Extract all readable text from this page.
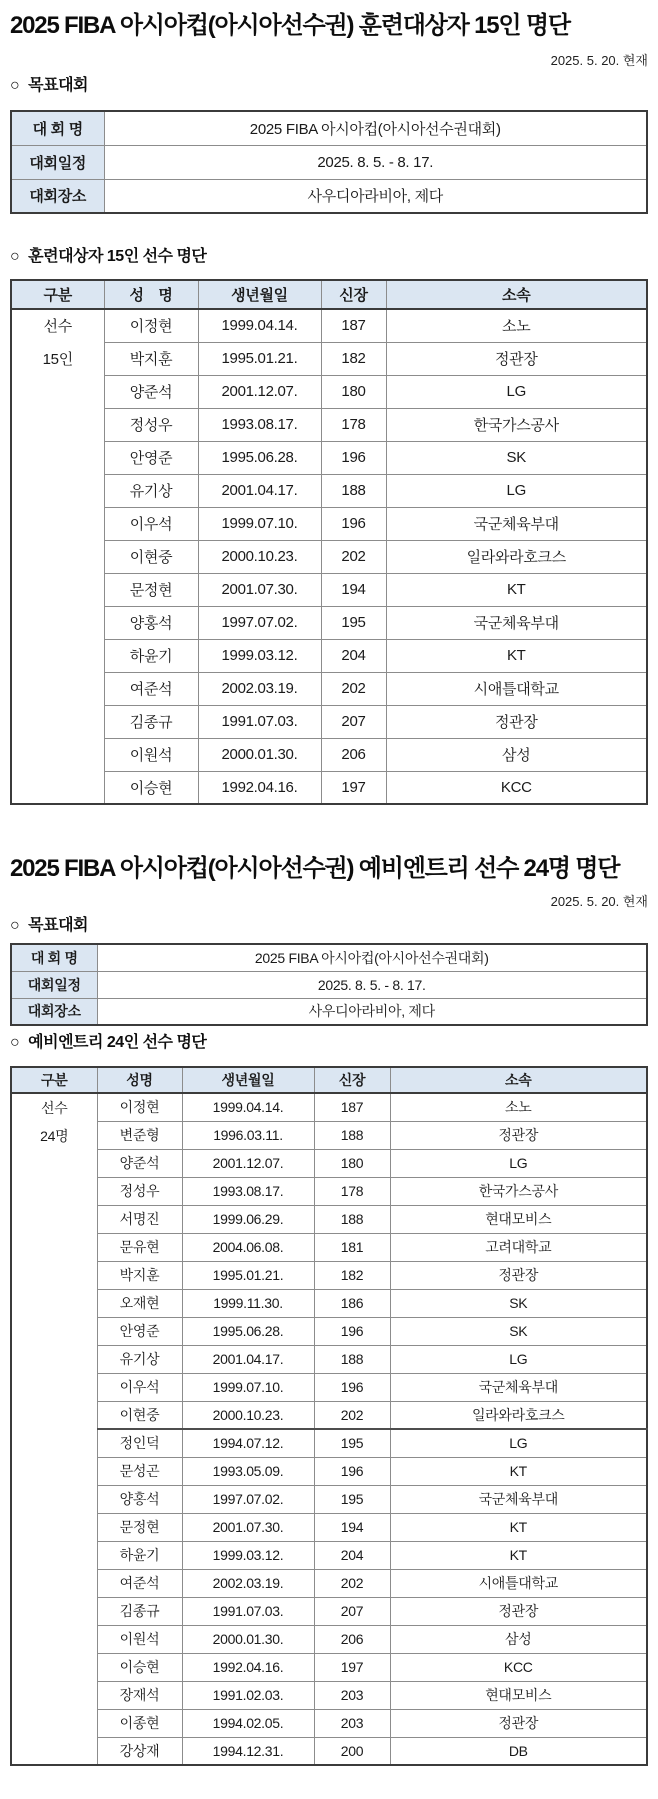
2025 FIBA 아시아컵(아시아선수권) 훈련대상자 15인 명단
2025. 5. 20. 현재
○ 목표대회
대 회 명	2025 FIBA 아시아컵(아시아선수권대회)
대회일정	2025. 8. 5. - 8. 17.
대회장소	사우디아라비아, 제다
○ 훈련대상자 15인 선수 명단
구분	성　명	생년월일	신장	소속

선수
15인	이정현	1999.04.14.	187	소노
	박지훈	1995.01.21.	182	정관장
	양준석	2001.12.07.	180	LG
	정성우	1993.08.17.	178	한국가스공사
	안영준	1995.06.28.	196	SK
	유기상	2001.04.17.	188	LG
	이우석	1999.07.10.	196	국군체육부대
	이현중	2000.10.23.	202	일라와라호크스
	문정현	2001.07.30.	194	KT
	양홍석	1997.07.02.	195	국군체육부대
	하윤기	1999.03.12.	204	KT
	여준석	2002.03.19.	202	시애틀대학교
	김종규	1991.07.03.	207	정관장
	이원석	2000.01.30.	206	삼성
	이승현	1992.04.16.	197	KCC
2025 FIBA 아시아컵(아시아선수권) 예비엔트리 선수 24명 명단
2025. 5. 20. 현재
○ 목표대회
대 회 명	2025 FIBA 아시아컵(아시아선수권대회)
대회일정	2025. 8. 5. - 8. 17.
대회장소	사우디아라비아, 제다
○ 예비엔트리 24인 선수 명단
구분	성명	생년월일	신장	소속

선수
24명	이정현	1999.04.14.	187	소노
	변준형	1996.03.11.	188	정관장
	양준석	2001.12.07.	180	LG
	정성우	1993.08.17.	178	한국가스공사
	서명진	1999.06.29.	188	현대모비스
	문유현	2004.06.08.	181	고려대학교
	박지훈	1995.01.21.	182	정관장
	오재현	1999.11.30.	186	SK
	안영준	1995.06.28.	196	SK
	유기상	2001.04.17.	188	LG
	이우석	1999.07.10.	196	국군체육부대
	이현중	2000.10.23.	202	일라와라호크스
	정인덕	1994.07.12.	195	LG
	문성곤	1993.05.09.	196	KT
	양홍석	1997.07.02.	195	국군체육부대
	문정현	2001.07.30.	194	KT
	하윤기	1999.03.12.	204	KT
	여준석	2002.03.19.	202	시애틀대학교
	김종규	1991.07.03.	207	정관장
	이원석	2000.01.30.	206	삼성
	이승현	1992.04.16.	197	KCC
	장재석	1991.02.03.	203	현대모비스
	이종현	1994.02.05.	203	정관장
	강상재	1994.12.31.	200	DB
